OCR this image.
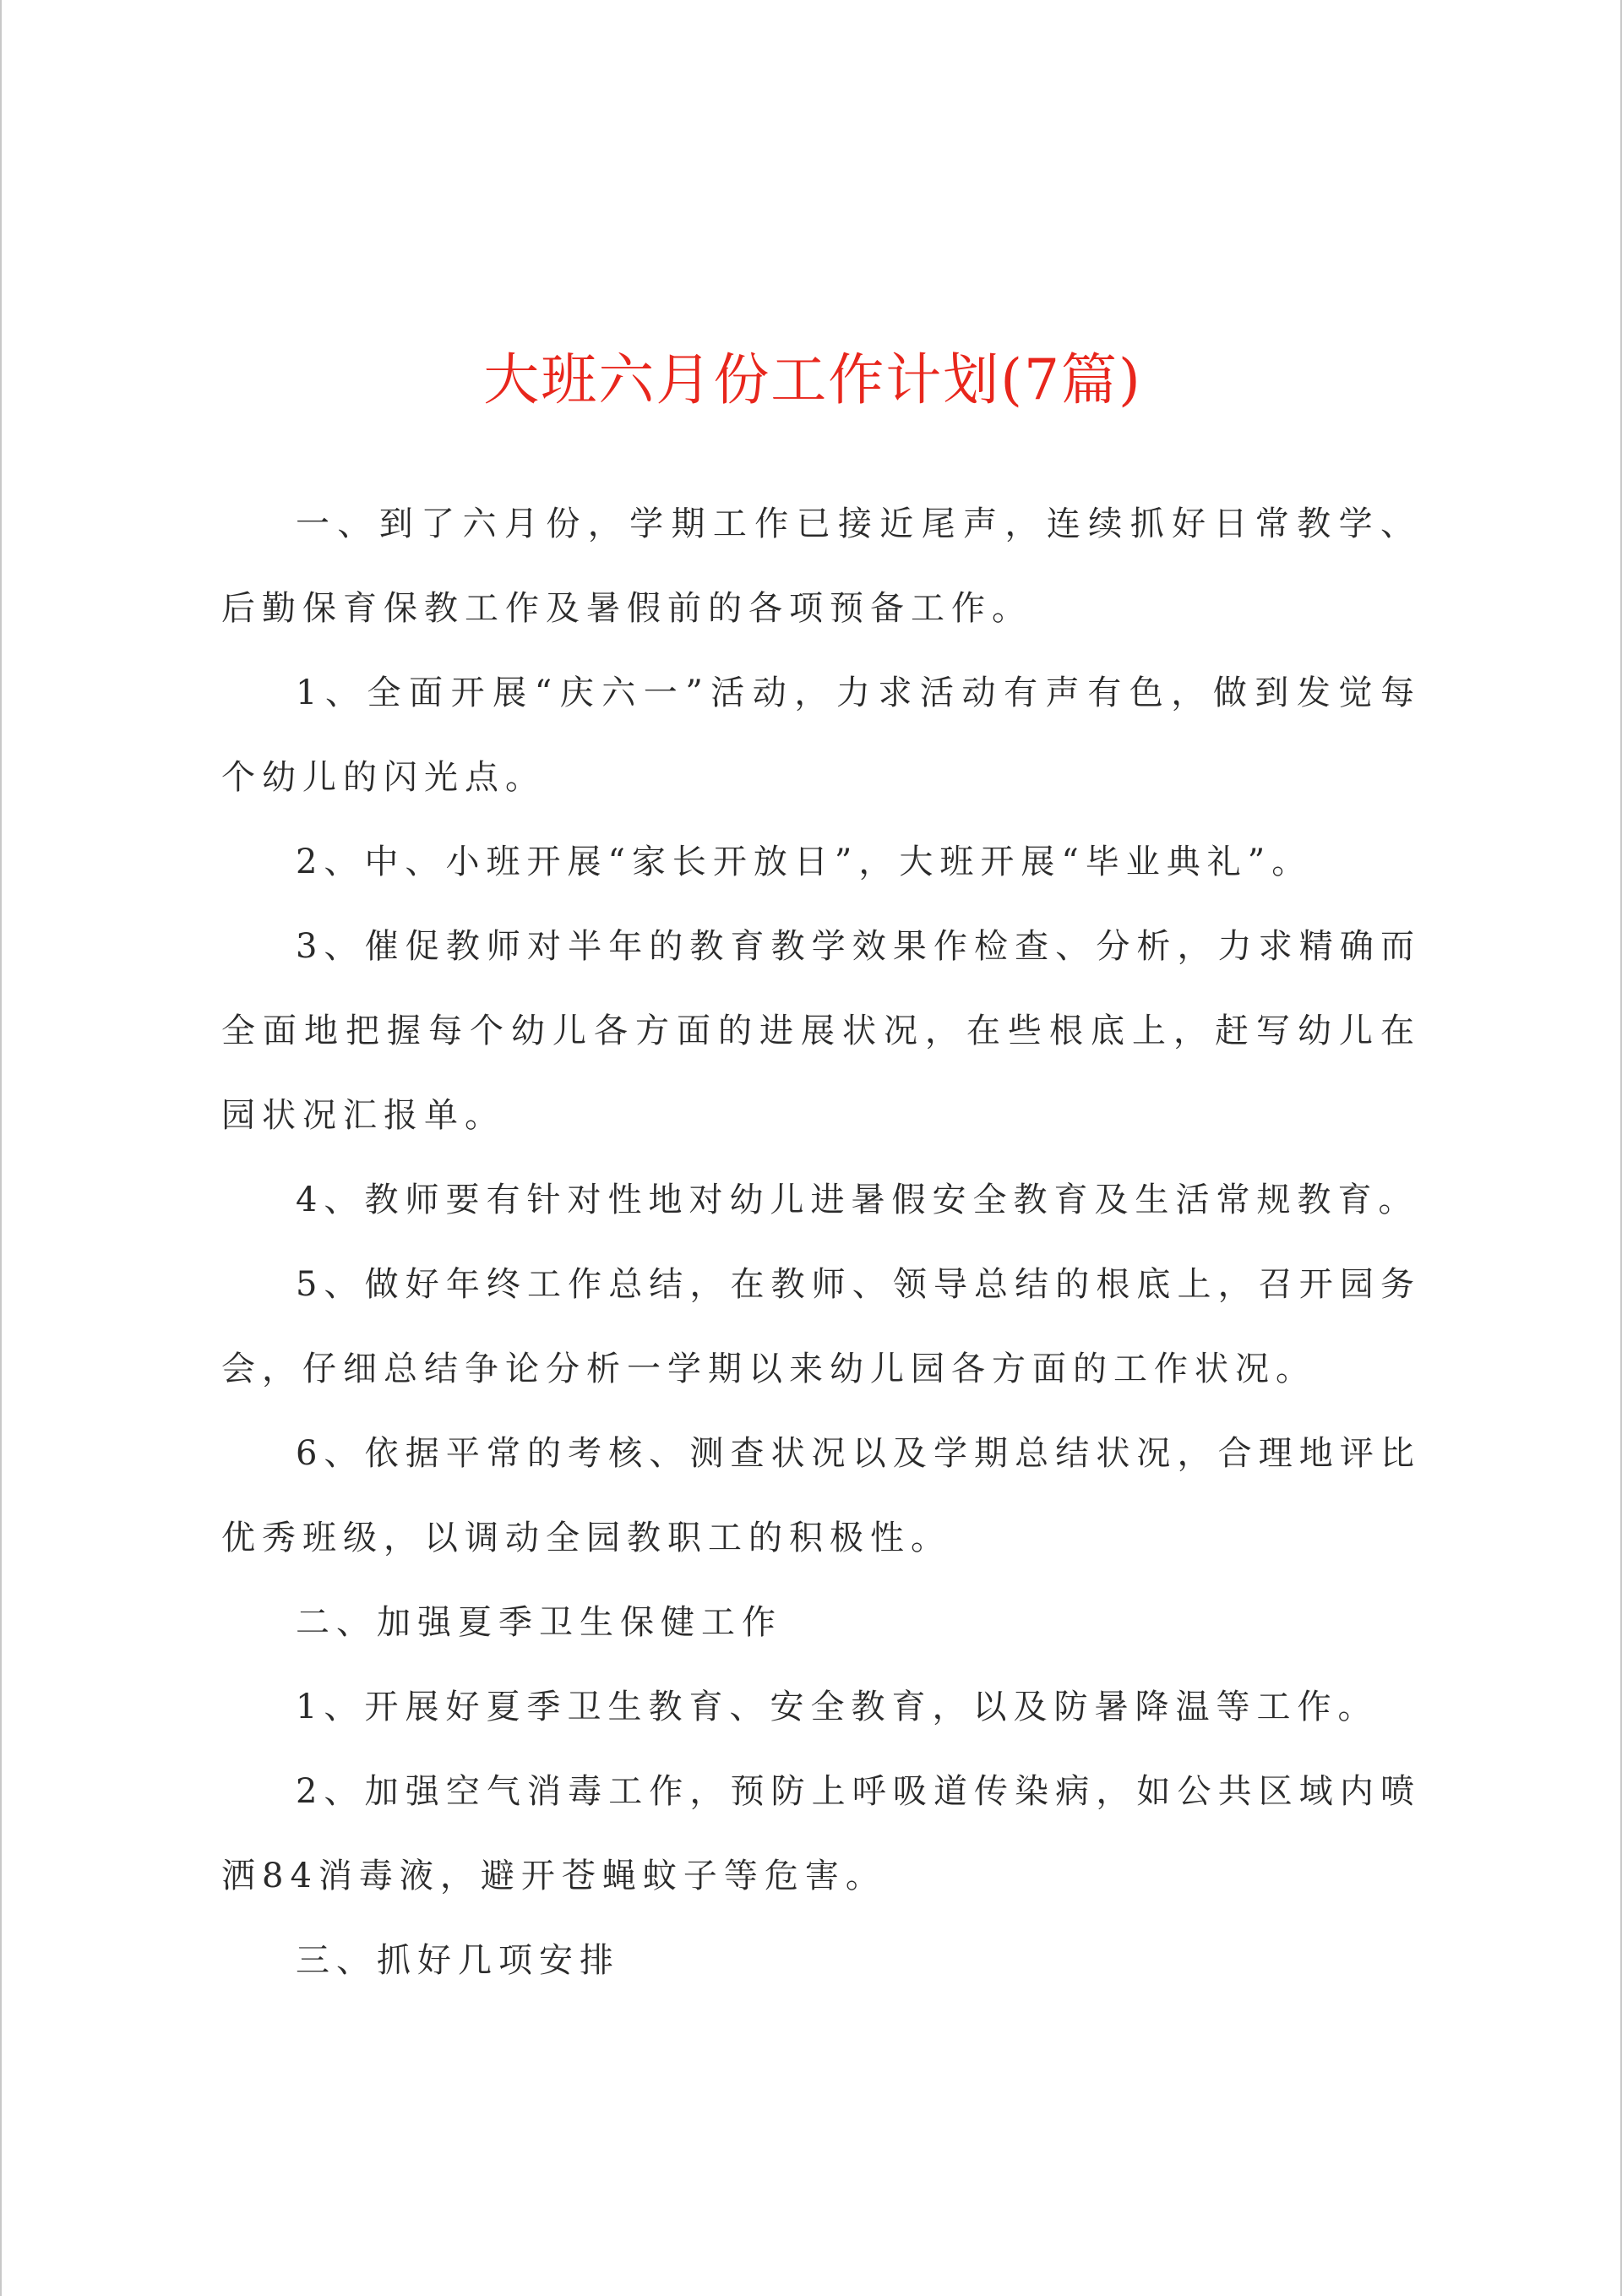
大班六月份工作计划(7篇)

一、到了六月份，学期工作已接近尾声，连续抓好日常教学、后勤保育保教工作及暑假前的各项预备工作。

1、全面开展“庆六一”活动，力求活动有声有色，做到发觉每个幼儿的闪光点。

2、中、小班开展“家长开放日”，大班开展“毕业典礼”。

3、催促教师对半年的教育教学效果作检查、分析，力求精确而全面地把握每个幼儿各方面的进展状况，在些根底上，赶写幼儿在园状况汇报单。

4、教师要有针对性地对幼儿进暑假安全教育及生活常规教育。

5、做好年终工作总结，在教师、领导总结的根底上，召开园务会，仔细总结争论分析一学期以来幼儿园各方面的工作状况。

6、依据平常的考核、测查状况以及学期总结状况，合理地评比优秀班级，以调动全园教职工的积极性。

二、加强夏季卫生保健工作

1、开展好夏季卫生教育、安全教育，以及防暑降温等工作。

2、加强空气消毒工作，预防上呼吸道传染病，如公共区域内喷洒84消毒液，避开苍蝇蚊子等危害。

三、抓好几项安排
